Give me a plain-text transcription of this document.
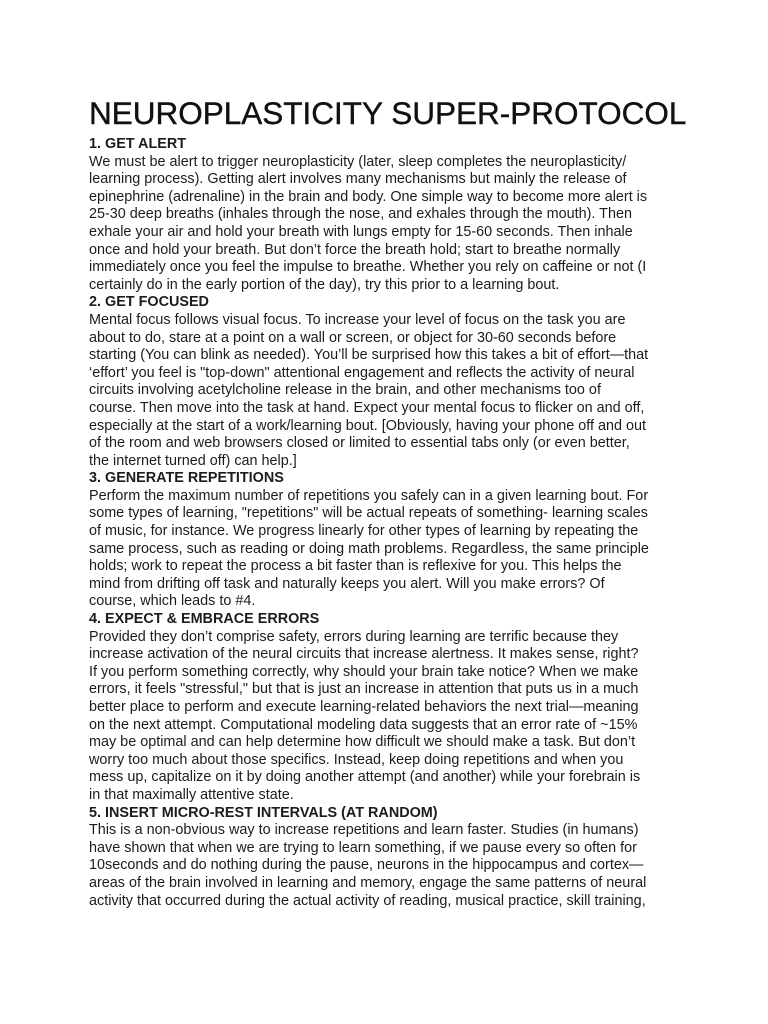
NEUROPLASTICITY SUPER-PROTOCOL
1. GET ALERT

We must be alert to trigger neuroplasticity (later, sleep completes the neuroplasticity/
learning process). Getting alert involves many mechanisms but mainly the release of
epinephrine (adrenaline) in the brain and body. One simple way to become more alert is
25-30 deep breaths (inhales through the nose, and exhales through the mouth). Then
exhale your air and hold your breath with lungs empty for 15-60 seconds. Then inhale
once and hold your breath. But don’t force the breath hold; start to breathe normally
immediately once you feel the impulse to breathe. Whether you rely on caffeine or not (I
certainly do in the early portion of the day), try this prior to a learning bout.

2. GET FOCUSED

Mental focus follows visual focus. To increase your level of focus on the task you are
about to do, stare at a point on a wall or screen, or object for 30-60 seconds before
starting (You can blink as needed). You’ll be surprised how this takes a bit of effort—that
‘effort’ you feel is "top-down" attentional engagement and reflects the activity of neural
circuits involving acetylcholine release in the brain, and other mechanisms too of
course. Then move into the task at hand. Expect your mental focus to flicker on and off,
especially at the start of a work/learning bout. [Obviously, having your phone off and out
of the room and web browsers closed or limited to essential tabs only (or even better,
the internet turned off) can help.]

3. GENERATE REPETITIONS

Perform the maximum number of repetitions you safely can in a given learning bout. For
some types of learning, "repetitions" will be actual repeats of something- learning scales
of music, for instance. We progress linearly for other types of learning by repeating the
same process, such as reading or doing math problems. Regardless, the same principle
holds; work to repeat the process a bit faster than is reflexive for you. This helps the
mind from drifting off task and naturally keeps you alert. Will you make errors? Of
course, which leads to #4.

4. EXPECT & EMBRACE ERRORS

Provided they don’t comprise safety, errors during learning are terrific because they
increase activation of the neural circuits that increase alertness. It makes sense, right?
If you perform something correctly, why should your brain take notice? When we make
errors, it feels "stressful," but that is just an increase in attention that puts us in a much
better place to perform and execute learning-related behaviors the next trial—meaning
on the next attempt. Computational modeling data suggests that an error rate of ~15%
may be optimal and can help determine how difficult we should make a task. But don’t
worry too much about those specifics. Instead, keep doing repetitions and when you
mess up, capitalize on it by doing another attempt (and another) while your forebrain is
in that maximally attentive state.

5. INSERT MICRO-REST INTERVALS (AT RANDOM)

This is a non-obvious way to increase repetitions and learn faster. Studies (in humans)
have shown that when we are trying to learn something, if we pause every so often for
10seconds and do nothing during the pause, neurons in the hippocampus and cortex—
areas of the brain involved in learning and memory, engage the same patterns of neural
activity that occurred during the actual activity of reading, musical practice, skill training,
